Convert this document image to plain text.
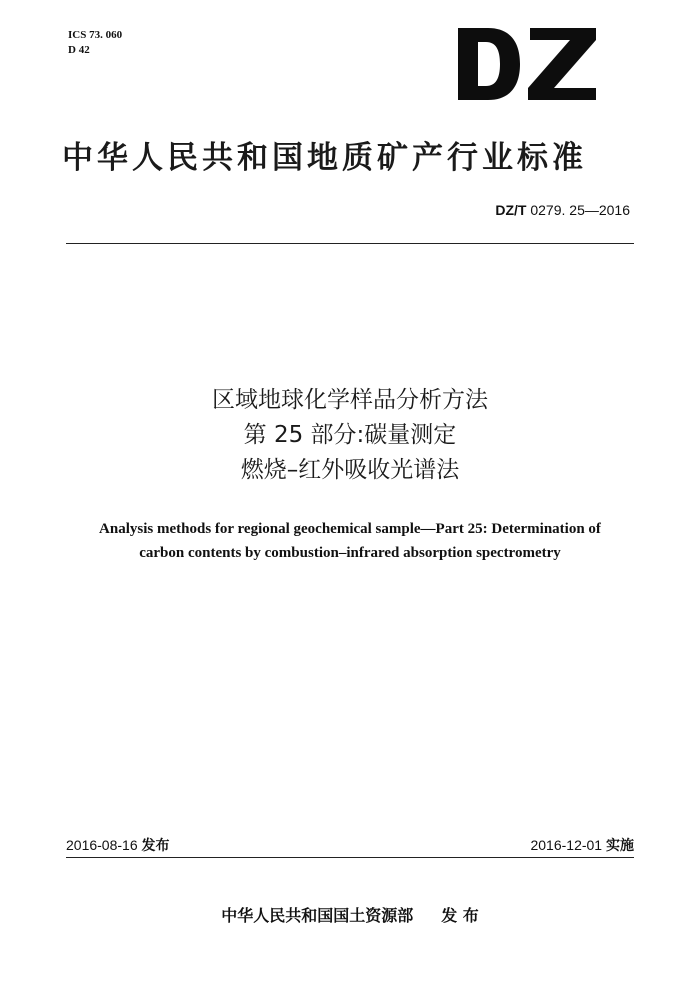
ICS 73. 060
D 42
中华人民共和国地质矿产行业标准
DZ/T 0279. 25—2016
区域地球化学样品分析方法
第 25 部分:碳量测定
燃烧–红外吸收光谱法
Analysis methods for regional geochemical sample—Part 25: Determination of
carbon contents by combustion–infrared absorption spectrometry
2016-08-16 发布	2016-12-01 实施
中华人民共和国国土资源部 发 布
